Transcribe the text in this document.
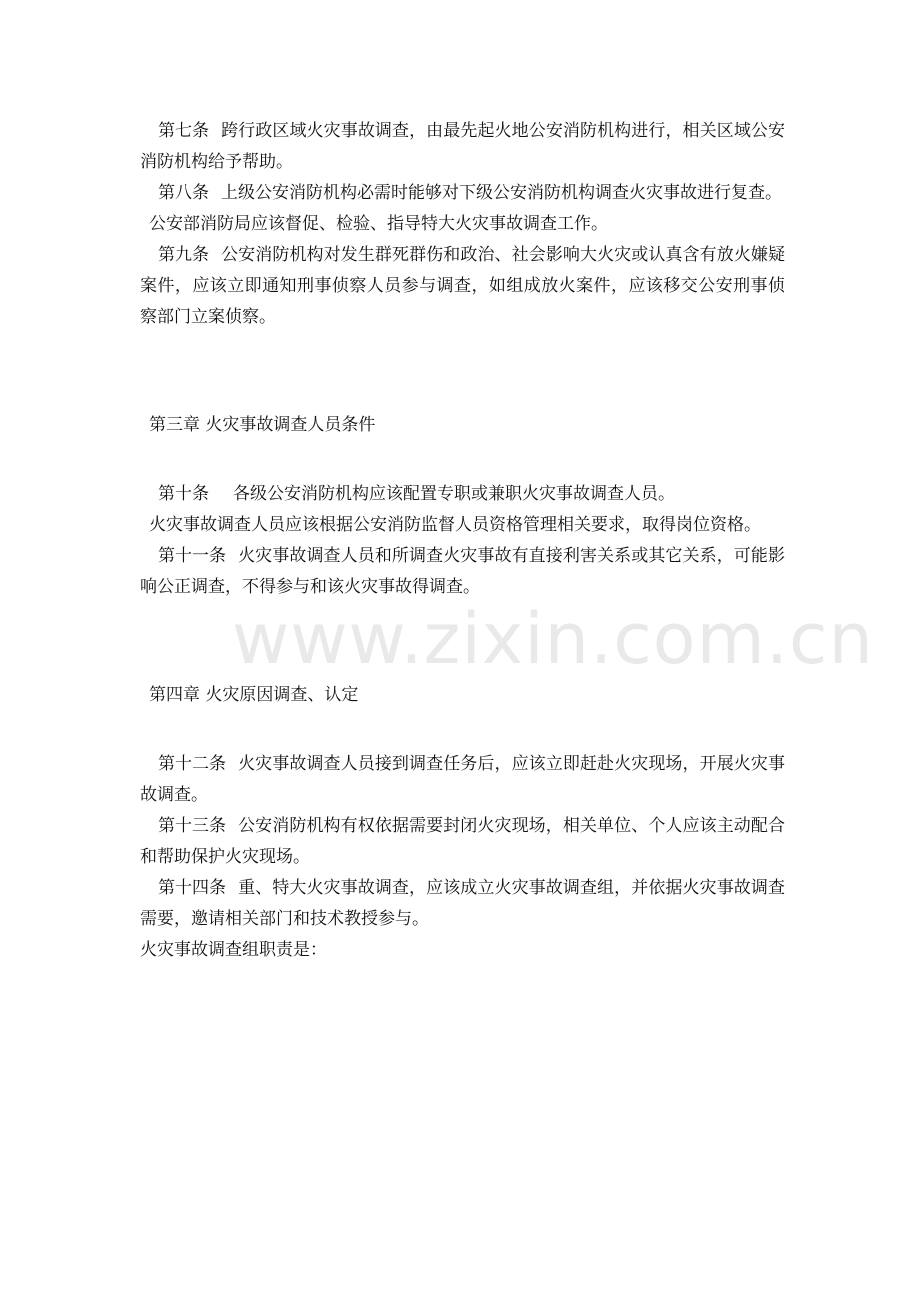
www.zixin.com.cn

第七条 跨行政区域火灾事故调查，由最先起火地公安消防机构进行，相关区域公安消防机构给予帮助。

第八条 上级公安消防机构必需时能够对下级公安消防机构调查火灾事故进行复查。

公安部消防局应该督促、检验、指导特大火灾事故调查工作。

第九条 公安消防机构对发生群死群伤和政治、社会影响大火灾或认真含有放火嫌疑案件，应该立即通知刑事侦察人员参与调查，如组成放火案件，应该移交公安刑事侦察部门立案侦察。

第三章 火灾事故调查人员条件

第十条 各级公安消防机构应该配置专职或兼职火灾事故调查人员。

火灾事故调查人员应该根据公安消防监督人员资格管理相关要求，取得岗位资格。

第十一条 火灾事故调查人员和所调查火灾事故有直接利害关系或其它关系，可能影响公正调查，不得参与和该火灾事故得调查。

第四章 火灾原因调查、认定

第十二条 火灾事故调查人员接到调查任务后，应该立即赶赴火灾现场，开展火灾事故调查。

第十三条 公安消防机构有权依据需要封闭火灾现场，相关单位、个人应该主动配合和帮助保护火灾现场。

第十四条 重、特大火灾事故调查，应该成立火灾事故调查组，并依据火灾事故调查需要，邀请相关部门和技术教授参与。

火灾事故调查组职责是：
